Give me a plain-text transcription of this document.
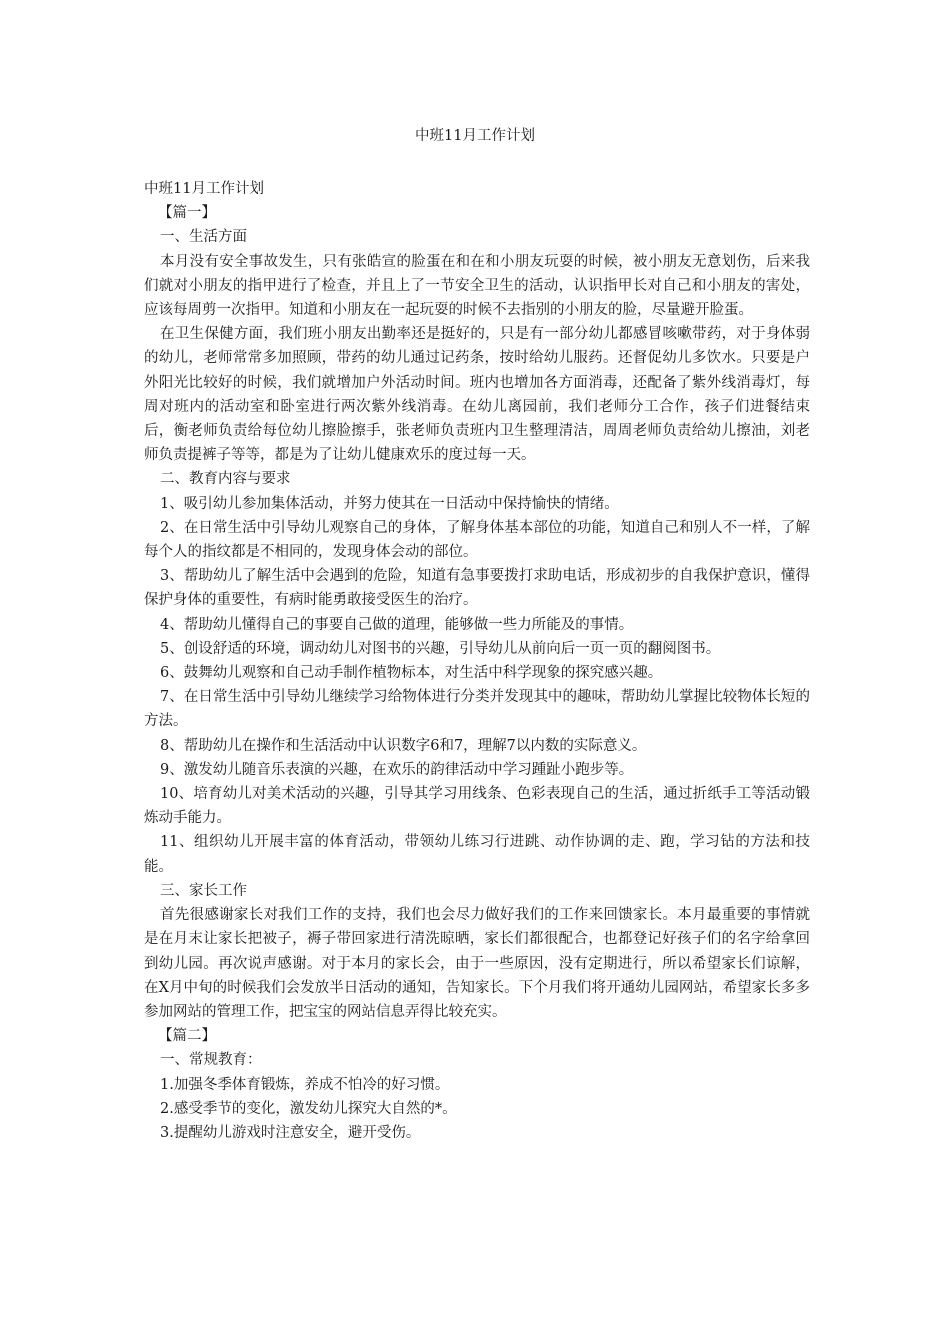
中班11月工作计划

中班11月工作计划

【篇一】

一、生活方面

本月没有安全事故发生，只有张皓宣的脸蛋在和在和小朋友玩耍的时候，被小朋友无意划伤，后来我们就对小朋友的指甲进行了检查，并且上了一节安全卫生的活动，认识指甲长对自己和小朋友的害处，应该每周剪一次指甲。知道和小朋友在一起玩耍的时候不去指别的小朋友的脸，尽量避开脸蛋。

在卫生保健方面，我们班小朋友出勤率还是挺好的，只是有一部分幼儿都感冒咳嗽带药，对于身体弱的幼儿，老师常常多加照顾，带药的幼儿通过记药条，按时给幼儿服药。还督促幼儿多饮水。只要是户外阳光比较好的时候，我们就增加户外活动时间。班内也增加各方面消毒，还配备了紫外线消毒灯，每周对班内的活动室和卧室进行两次紫外线消毒。在幼儿离园前，我们老师分工合作，孩子们进餐结束后，衡老师负责给每位幼儿擦脸擦手，张老师负责班内卫生整理清洁，周周老师负责给幼儿擦油，刘老师负责提裤子等等，都是为了让幼儿健康欢乐的度过每一天。

二、教育内容与要求

1、吸引幼儿参加集体活动，并努力使其在一日活动中保持愉快的情绪。

2、在日常生活中引导幼儿观察自己的身体，了解身体基本部位的功能，知道自己和别人不一样，了解每个人的指纹都是不相同的，发现身体会动的部位。

3、帮助幼儿了解生活中会遇到的危险，知道有急事要拨打求助电话，形成初步的自我保护意识，懂得保护身体的重要性，有病时能勇敢接受医生的治疗。

4、帮助幼儿懂得自己的事要自己做的道理，能够做一些力所能及的事情。

5、创设舒适的环境，调动幼儿对图书的兴趣，引导幼儿从前向后一页一页的翻阅图书。

6、鼓舞幼儿观察和自己动手制作植物标本，对生活中科学现象的探究感兴趣。

7、在日常生活中引导幼儿继续学习给物体进行分类并发现其中的趣味，帮助幼儿掌握比较物体长短的方法。

8、帮助幼儿在操作和生活活动中认识数字6和7，理解7以内数的实际意义。

9、激发幼儿随音乐表演的兴趣，在欢乐的韵律活动中学习踵趾小跑步等。

10、培育幼儿对美术活动的兴趣，引导其学习用线条、色彩表现自己的生活，通过折纸手工等活动锻炼动手能力。

11、组织幼儿开展丰富的体育活动，带领幼儿练习行进跳、动作协调的走、跑，学习钻的方法和技能。

三、家长工作

首先很感谢家长对我们工作的支持，我们也会尽力做好我们的工作来回馈家长。本月最重要的事情就是在月末让家长把被子，褥子带回家进行清洗晾晒，家长们都很配合，也都登记好孩子们的名字给拿回到幼儿园。再次说声感谢。对于本月的家长会，由于一些原因，没有定期进行，所以希望家长们谅解，在X月中旬的时候我们会发放半日活动的通知，告知家长。下个月我们将开通幼儿园网站，希望家长多多参加网站的管理工作，把宝宝的网站信息弄得比较充实。

【篇二】

一、常规教育：

1.加强冬季体育锻炼，养成不怕冷的好习惯。

2.感受季节的变化，激发幼儿探究大自然的*。

3.提醒幼儿游戏时注意安全，避开受伤。
